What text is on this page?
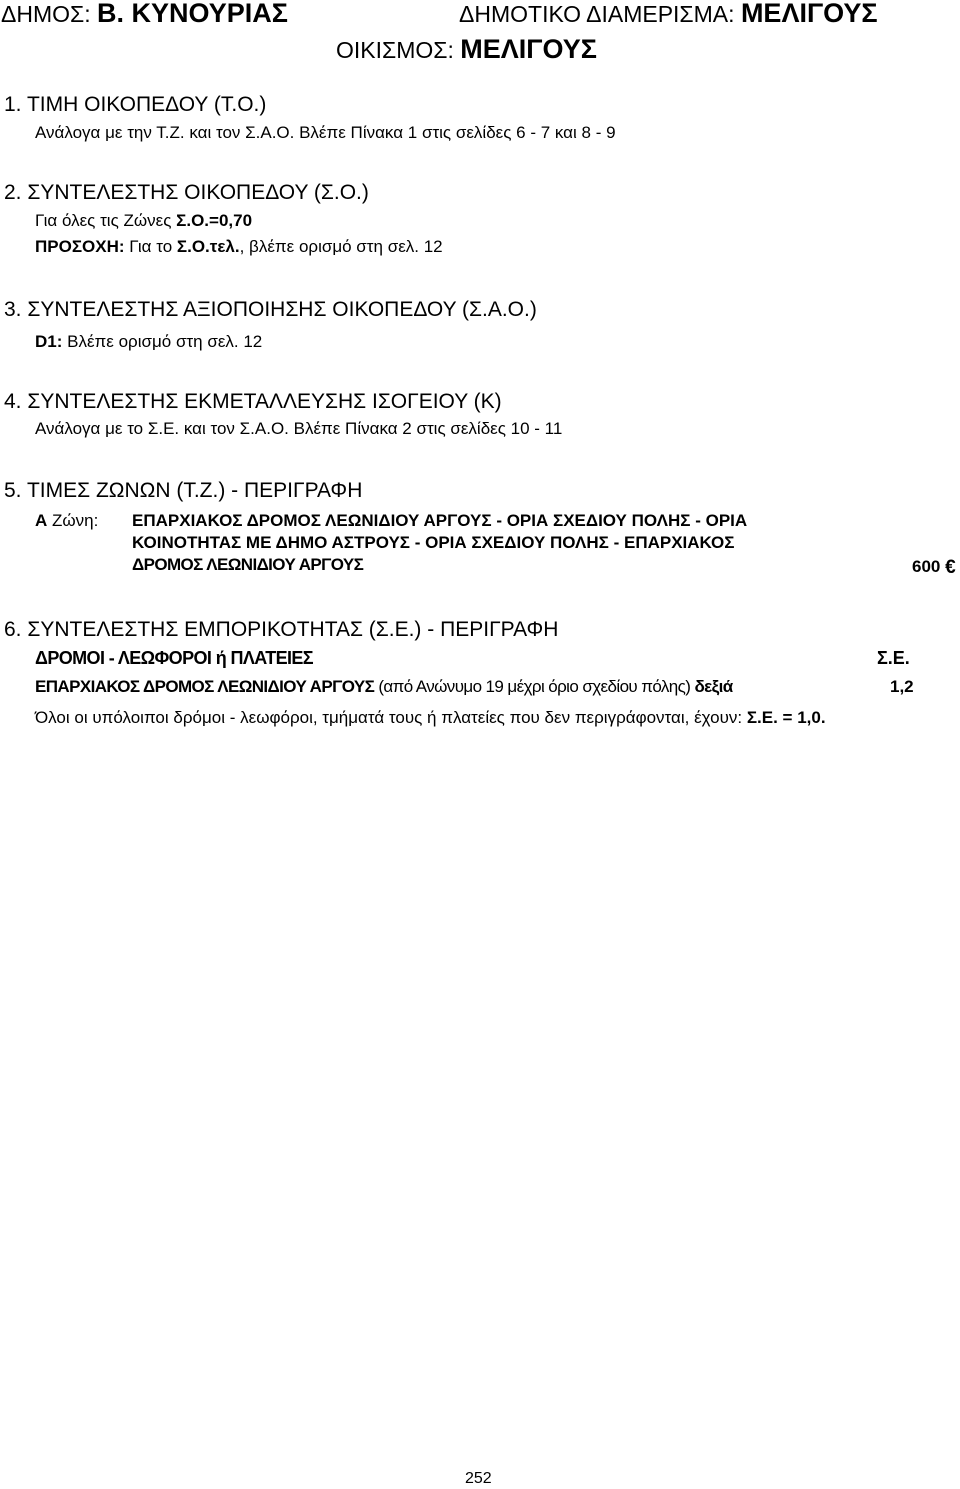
ΔΗΜΟΣ: Β. ΚΥΝΟΥΡΙΑΣ	ΔΗΜΟΤΙΚΟ ΔΙΑΜΕΡΙΣΜΑ: ΜΕΛΙΓΟΥΣ
ΟΙΚΙΣΜΟΣ: ΜΕΛΙΓΟΥΣ
1. ΤΙΜΗ ΟΙΚΟΠΕΔΟΥ (Τ.Ο.)
Ανάλογα με την Τ.Ζ. και τον Σ.Α.Ο. Βλέπε Πίνακα 1 στις σελίδες 6 - 7 και 8 - 9
2. ΣΥΝΤΕΛΕΣΤΗΣ ΟΙΚΟΠΕΔΟΥ (Σ.Ο.)
Για όλες τις Ζώνες Σ.Ο.=0,70
ΠΡΟΣΟΧΗ: Για το Σ.Ο.τελ., βλέπε ορισμό στη σελ. 12
3. ΣΥΝΤΕΛΕΣΤΗΣ ΑΞΙΟΠΟΙΗΣΗΣ ΟΙΚΟΠΕΔΟΥ (Σ.Α.Ο.)
D1: Βλέπε ορισμό στη σελ. 12
4. ΣΥΝΤΕΛΕΣΤΗΣ ΕΚΜΕΤΑΛΛΕΥΣΗΣ ΙΣΟΓΕΙΟΥ (Κ)
Ανάλογα με το Σ.Ε. και τον Σ.Α.Ο. Βλέπε Πίνακα 2 στις σελίδες 10 - 11
5. ΤΙΜΕΣ ΖΩΝΩΝ (Τ.Ζ.) - ΠΕΡΙΓΡΑΦΗ
Α Ζώνη: ΕΠΑΡΧΙΑΚΟΣ ΔΡΟΜΟΣ ΛΕΩΝΙΔΙΟΥ ΑΡΓΟΥΣ - ΟΡΙΑ ΣΧΕΔΙΟΥ ΠΟΛΗΣ - ΟΡΙΑ
ΚΟΙΝΟΤΗΤΑΣ ΜΕ ΔΗΜΟ ΑΣΤΡΟΥΣ - ΟΡΙΑ ΣΧΕΔΙΟΥ ΠΟΛΗΣ - ΕΠΑΡΧΙΑΚΟΣ
ΔΡΟΜΟΣ ΛΕΩΝΙΔΙΟΥ ΑΡΓΟΥΣ	600 €
6. ΣΥΝΤΕΛΕΣΤΗΣ ΕΜΠΟΡΙΚΟΤΗΤΑΣ (Σ.Ε.) - ΠΕΡΙΓΡΑΦΗ
ΔΡΟΜΟΙ - ΛΕΩΦΟΡΟΙ ή ΠΛΑΤΕΙΕΣ	Σ.Ε.
ΕΠΑΡΧΙΑΚΟΣ ΔΡΟΜΟΣ ΛΕΩΝΙΔΙΟΥ ΑΡΓΟΥΣ (από Ανώνυμο 19 μέχρι όριο σχεδίου πόλης) δεξιά	1,2
Όλοι οι υπόλοιποι δρόμοι - λεωφόροι, τμήματά τους ή πλατείες που δεν περιγράφονται, έχουν: Σ.Ε. = 1,0.
252
